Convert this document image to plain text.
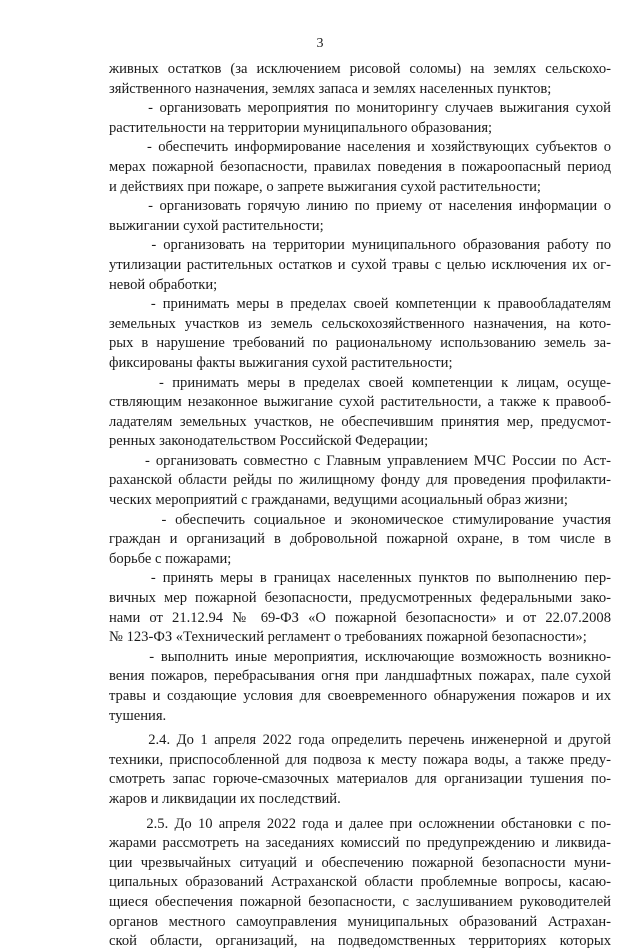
3
живных остатков (за исключением рисовой соломы) на землях сельскохо-
зяйственного назначения, землях запаса и землях населенных пунктов;
- организовать мероприятия по мониторингу случаев выжигания сухой
растительности на территории муниципального образования;
- обеспечить информирование населения и хозяйствующих субъектов о
мерах пожарной безопасности, правилах поведения в пожароопасный период
и действиях при пожаре, о запрете выжигания сухой растительности;
- организовать горячую линию по приему от населения информации о
выжигании сухой растительности;
- организовать на территории муниципального образования работу по
утилизации растительных остатков и сухой травы с целью исключения их ог-
невой обработки;
- принимать меры в пределах своей компетенции к правообладателям
земельных участков из земель сельскохозяйственного назначения, на кото-
рых в нарушение требований по рациональному использованию земель за-
фиксированы факты выжигания сухой растительности;
- принимать меры в пределах своей компетенции к лицам, осуще-
ствляющим незаконное выжигание сухой растительности, а также к правооб-
ладателям земельных участков, не обеспечившим принятия мер, предусмот-
ренных законодательством Российской Федерации;
- организовать совместно с Главным управлением МЧС России по Аст-
раханской области рейды по жилищному фонду для проведения профилакти-
ческих мероприятий с гражданами, ведущими асоциальный образ жизни;
- обеспечить социальное и экономическое стимулирование участия
граждан и организаций в добровольной пожарной охране, в том числе в
борьбе с пожарами;
- принять меры в границах населенных пунктов по выполнению пер-
вичных мер пожарной безопасности, предусмотренных федеральными зако-
нами от 21.12.94 № 69-ФЗ «О пожарной безопасности» и от 22.07.2008
№ 123-ФЗ «Технический регламент о требованиях пожарной безопасности»;
- выполнить иные мероприятия, исключающие возможность возникно-
вения пожаров, перебрасывания огня при ландшафтных пожарах, пале сухой
травы и создающие условия для своевременного обнаружения пожаров и их
тушения.
2.4. До 1 апреля 2022 года определить перечень инженерной и другой
техники, приспособленной для подвоза к месту пожара воды, а также преду-
смотреть запас горюче-смазочных материалов для организации тушения по-
жаров и ликвидации их последствий.
2.5. До 10 апреля 2022 года и далее при осложнении обстановки с по-
жарами рассмотреть на заседаниях комиссий по предупреждению и ликвида-
ции чрезвычайных ситуаций и обеспечению пожарной безопасности муни-
ципальных образований Астраханской области проблемные вопросы, касаю-
щиеся обеспечения пожарной безопасности, с заслушиванием руководителей
органов местного самоуправления муниципальных образований Астрахан-
ской области, организаций, на подведомственных территориях которых
